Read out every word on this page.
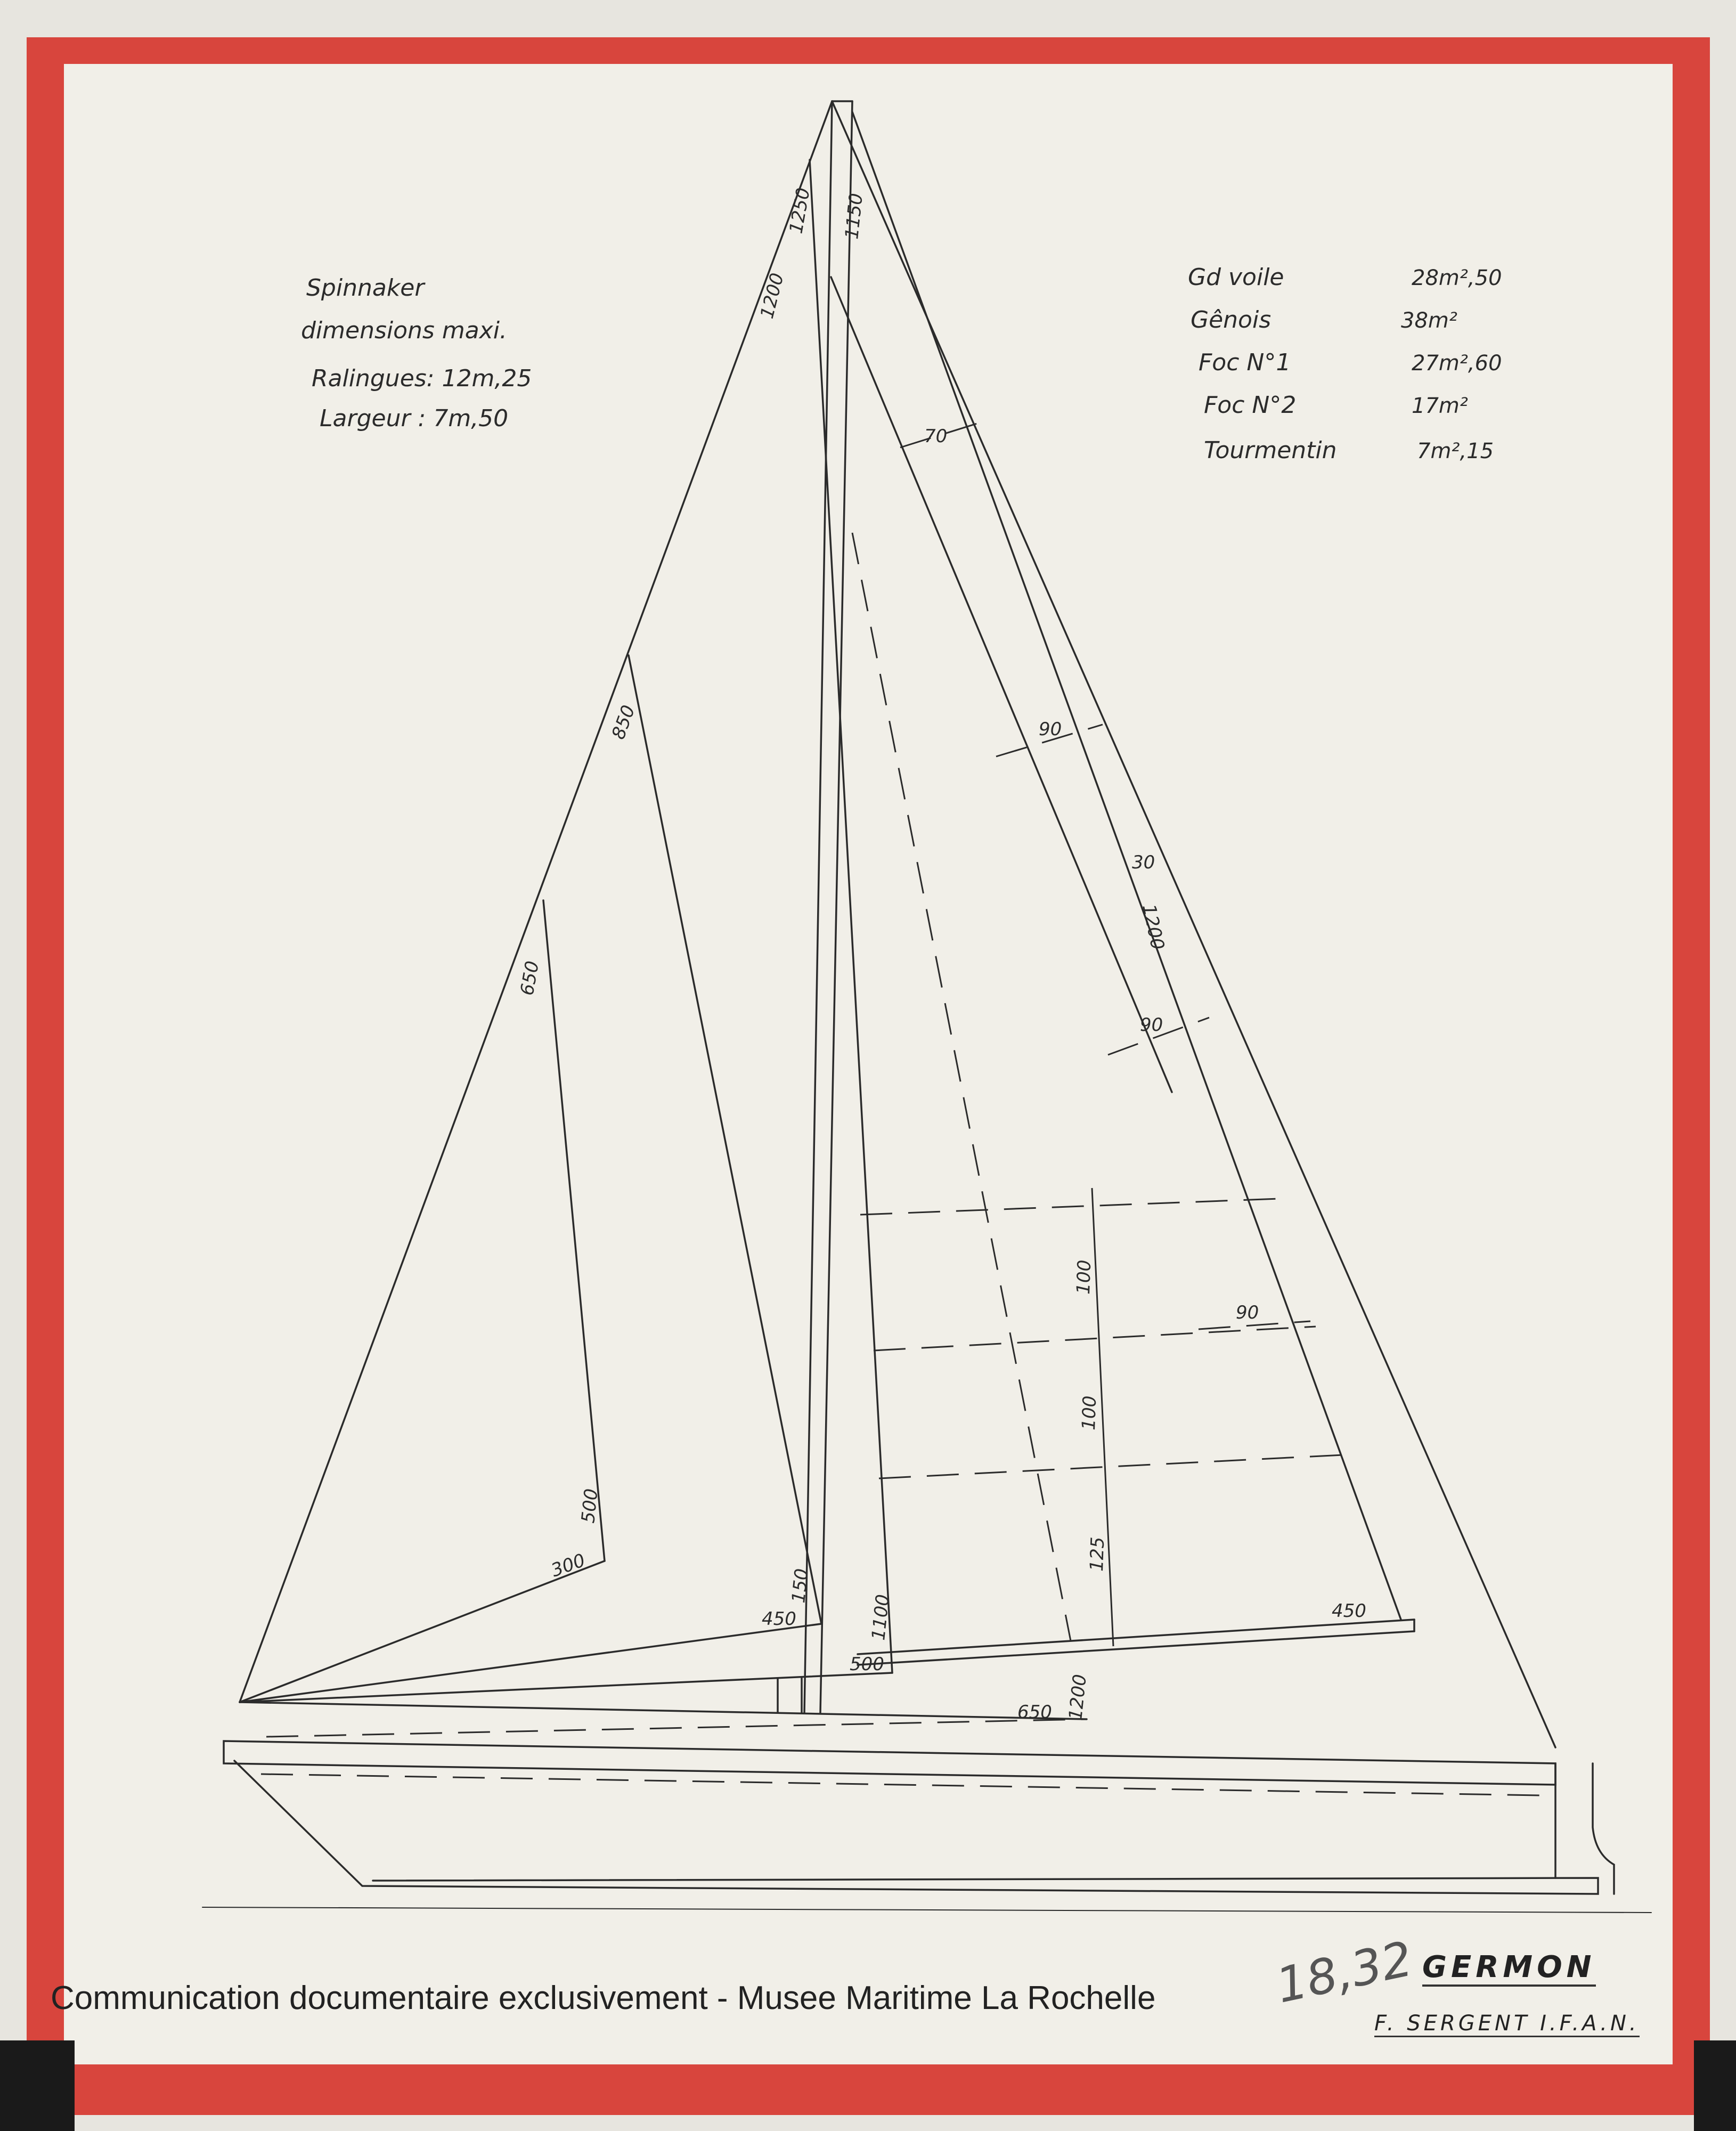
Spinnaker
dimensions maxi.
Ralingues: 12m,25
Largeur : 7m,50
Gd voile	28m²,50
Gênois	38m²
Foc N°1	27m²,60
Foc N°2	17m²
Tourmentin	7m²,15
1250
1200
1150
70
850
650
90
30
1200
90
100
100
125
90
500
300
150
450	1100
500
1200
650
450
18,32 GERMON
Communication documentaire exclusivement - Musee Maritime La Rochelle
F. SERGENT I.F.A.N.
